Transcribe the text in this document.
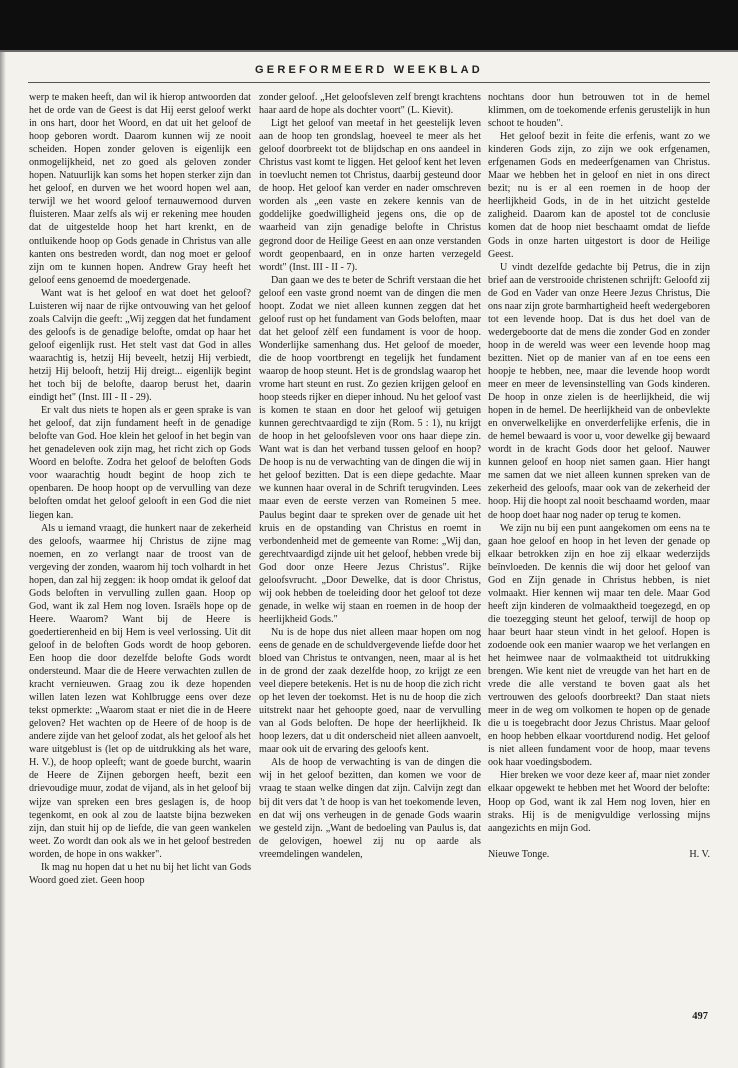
GEREFORMEERD WEEKBLAD

werp te maken heeft, dan wil ik hierop antwoorden dat het de orde van de Geest is dat Hij eerst geloof werkt in ons hart, door het Woord, en dat uit het geloof de hoop geboren wordt. Daarom kunnen wij ze nooit scheiden. Hopen zonder geloven is eigenlijk een onmogelijkheid, net zo goed als geloven zonder hopen. Natuurlijk kan soms het hopen sterker zijn dan het geloof, en durven we het woord hopen wel aan, terwijl we het woord geloof ternauwernood durven fluisteren. Maar zelfs als wij er rekening mee houden dat de uitgestelde hoop het hart krenkt, en de ontluikende hoop op Gods genade in Christus van alle kanten ons bestreden wordt, dan nog moet er geloof zijn om te kunnen hopen. Andrew Gray heeft het geloof eens genoemd de moedergenade.

Want wat is het geloof en wat doet het geloof? Luisteren wij naar de rijke ontvouwing van het geloof zoals Calvijn die geeft: „Wij zeggen dat het fundament des geloofs is de genadige belofte, omdat op haar het geloof eigenlijk rust. Het stelt vast dat God in alles waarachtig is, hetzij Hij beveelt, hetzij Hij verbiedt, hetzij Hij belooft, hetzij Hij dreigt... eigenlijk begint het toch bij de belofte, daarop berust het, daarin eindigt het" (Inst. III - II - 29).

Er valt dus niets te hopen als er geen sprake is van het geloof, dat zijn fundament heeft in de genadige belofte van God. Hoe klein het geloof in het begin van het genadeleven ook zijn mag, het richt zich op Gods Woord en belofte. Zodra het geloof de beloften Gods voor waarachtig houdt begint de hoop zich te openbaren. De hoop hoopt op de vervulling van deze beloften omdat het geloof gelooft in een God die niet liegen kan.

Als u iemand vraagt, die hunkert naar de zekerheid des geloofs, waarmee hij Christus de zijne mag noemen, en zo verlangt naar de troost van de vergeving der zonden, waarom hij toch volhardt in het hopen, dan zal hij zeggen: ik hoop omdat ik geloof dat Gods beloften in vervulling zullen gaan. Hoop op God, want ik zal Hem nog loven. Israëls hope op de Heere. Waarom? Want bij de Heere is goedertierenheid en bij Hem is veel verlossing. Uit dit geloof in de beloften Gods wordt de hoop geboren. Een hoop die door dezelfde belofte Gods wordt ondersteund. Maar die de Heere verwachten zullen de kracht vernieuwen. Graag zou ik deze hopenden willen laten lezen wat Kohlbrugge eens over deze tekst opmerkte: „Waarom staat er niet die in de Heere geloven? Het wachten op de Heere of de hoop is de andere zijde van het geloof zodat, als het geloof als het ware uitgeblust is (let op de uitdrukking als het ware, H. V.), de hoop opleeft; want de goede burcht, waarin de Heere de Zijnen geborgen heeft, bezit een drievoudige muur, zodat de vijand, als in het geloof bij wijze van spreken een bres geslagen is, de hoop tegenkomt, en ook al zou de laatste bijna bezweken zijn, dan stuit hij op de liefde, die van geen wankelen weet. Zo wordt dan ook als we in het geloof bestreden worden, de hope in ons wakker".

Ik mag nu hopen dat u het nu bij het licht van Gods Woord goed ziet. Geen hoop

zonder geloof. „Het geloofsleven zelf brengt krachtens haar aard de hope als dochter voort" (L. Kievit).

Ligt het geloof van meetaf in het geestelijk leven aan de hoop ten grondslag, hoeveel te meer als het geloof doorbreekt tot de blijdschap en ons aandeel in Christus vast komt te liggen. Het geloof kent het leven in toevlucht nemen tot Christus, daarbij gesteund door de hoop. Het geloof kan verder en nader omschreven worden als „een vaste en zekere kennis van de goddelijke goedwilligheid jegens ons, die op de waarheid van zijn genadige belofte in Christus gegrond door de Heilige Geest en aan onze verstanden wordt geopenbaard, en in onze harten verzegeld wordt" (Inst. III - II - 7).

Dan gaan we des te beter de Schrift verstaan die het geloof een vaste grond noemt van de dingen die men hoopt. Zodat we niet alleen kunnen zeggen dat het geloof rust op het fundament van Gods beloften, maar dat het geloof zèlf een fundament is voor de hoop. Wonderlijke samenhang dus. Het geloof de moeder, die de hoop voortbrengt en tegelijk het fundament waarop de hoop steunt. Het is de grondslag waarop het vrome hart steunt en rust. Zo gezien krijgen geloof en hoop steeds rijker en dieper inhoud. Nu het geloof vast is komen te staan en door het geloof wij getuigen kunnen gerechtvaardigd te zijn (Rom. 5 : 1), nu krijgt de hoop in het geloofsleven voor ons haar diepe zin. Want wat is dan het verband tussen geloof en hoop? De hoop is nu de verwachting van de dingen die wij in het geloof bezitten. Dat is een diepe gedachte. Maar we kunnen haar overal in de Schrift terugvinden. Lees maar even de eerste verzen van Romeinen 5 mee. Paulus begint daar te spreken over de genade uit het kruis en de opstanding van Christus en roemt in verbondenheid met de gemeente van Rome: „Wij dan, gerechtvaardigd zijnde uit het geloof, hebben vrede bij God door onze Heere Jezus Christus". Rijke geloofsvrucht. „Door Dewelke, dat is door Christus, wij ook hebben de toeleiding door het geloof tot deze genade, in welke wij staan en roemen in de hoop der heerlijkheid Gods."

Nu is de hope dus niet alleen maar hopen om nog eens de genade en de schuldvergevende liefde door het bloed van Christus te ontvangen, neen, maar al is het in de grond der zaak dezelfde hoop, zo krijgt ze een veel diepere betekenis. Het is nu de hoop die zich richt op het leven der toekomst. Het is nu de hoop die zich uitstrekt naar het gehoopte goed, naar de vervulling van al Gods beloften. De hope der heerlijkheid. Ik hoop lezers, dat u dit onderscheid niet alleen aanvoelt, maar ook uit de ervaring des geloofs kent.

Als de hoop de verwachting is van de dingen die wij in het geloof bezitten, dan komen we voor de vraag te staan welke dingen dat zijn. Calvijn zegt dan bij dit vers dat 't de hoop is van het toekomende leven, en dat wij ons verheugen in de genade Gods waarin we gesteld zijn. „Want de bedoeling van Paulus is, dat de gelovigen, hoewel zij nu op aarde als vreemdelingen wandelen,

nochtans door hun betrouwen tot in de hemel klimmen, om de toekomende erfenis gerustelijk in hun schoot te houden".

Het geloof bezit in feite die erfenis, want zo we kinderen Gods zijn, zo zijn we ook erfgenamen, erfgenamen Gods en medeerfgenamen van Christus. Maar we hebben het in geloof en niet in ons direct bezit; nu is er al een roemen in de hoop der heerlijkheid Gods, in de in het uitzicht gestelde zaligheid. Daarom kan de apostel tot de conclusie komen dat de hoop niet beschaamt omdat de liefde Gods in onze harten uitgestort is door de Heilige Geest.

U vindt dezelfde gedachte bij Petrus, die in zijn brief aan de verstrooide christenen schrijft: Geloofd zij de God en Vader van onze Heere Jezus Christus, Die ons naar zijn grote barmhartigheid heeft wedergeboren tot een levende hoop. Dat is dus het doel van de wedergeboorte dat de mens die zonder God en zonder hoop in de wereld was weer een levende hoop mag bezitten. Niet op de manier van af en toe eens een hoopje te hebben, nee, maar die levende hoop wordt meer en meer de levensinstelling van Gods kinderen. De hoop in onze zielen is de heerlijkheid, die wij hopen in de hemel. De heerlijkheid van de onbevlekte en onverwelkelijke en onverderfelijke erfenis, die in de hemel bewaard is voor u, voor dewelke gij bewaard wordt in de kracht Gods door het geloof. Nauwer kunnen geloof en hoop niet samen gaan. Hier hangt me samen dat we niet alleen kunnen spreken van de zekerheid des geloofs, maar ook van de zekerheid der hoop. Hij die hoopt zal nooit beschaamd worden, maar de hoop doet haar nog nader op terug te komen.

We zijn nu bij een punt aangekomen om eens na te gaan hoe geloof en hoop in het leven der genade op elkaar betrokken zijn en hoe zij elkaar wederzijds beïnvloeden. De kennis die wij door het geloof van God en Zijn genade in Christus hebben, is niet volmaakt. Hier kennen wij maar ten dele. Maar God heeft zijn kinderen de volmaaktheid toegezegd, en op die toezegging steunt het geloof, terwijl de hoop op haar beurt haar steun vindt in het geloof. Hopen is zodoende ook een manier waarop we het verlangen en het heimwee naar de volmaaktheid tot uitdrukking brengen. Wie kent niet de vreugde van het hart en de vrede die alle verstand te boven gaat als het vertrouwen des geloofs doorbreekt? Dan staat niets meer in de weg om volkomen te hopen op de genade die u is toegebracht door Jezus Christus. Maar geloof en hoop hebben elkaar voortdurend nodig. Het geloof is niet alleen fundament voor de hoop, maar tevens ook haar voedingsbodem.

Hier breken we voor deze keer af, maar niet zonder elkaar opgewekt te hebben met het Woord der belofte: Hoop op God, want ik zal Hem nog loven, hier en straks. Hij is de menigvuldige verlossing mijns aangezichts en mijn God.

Nieuwe Tonge.	H. V.
497
